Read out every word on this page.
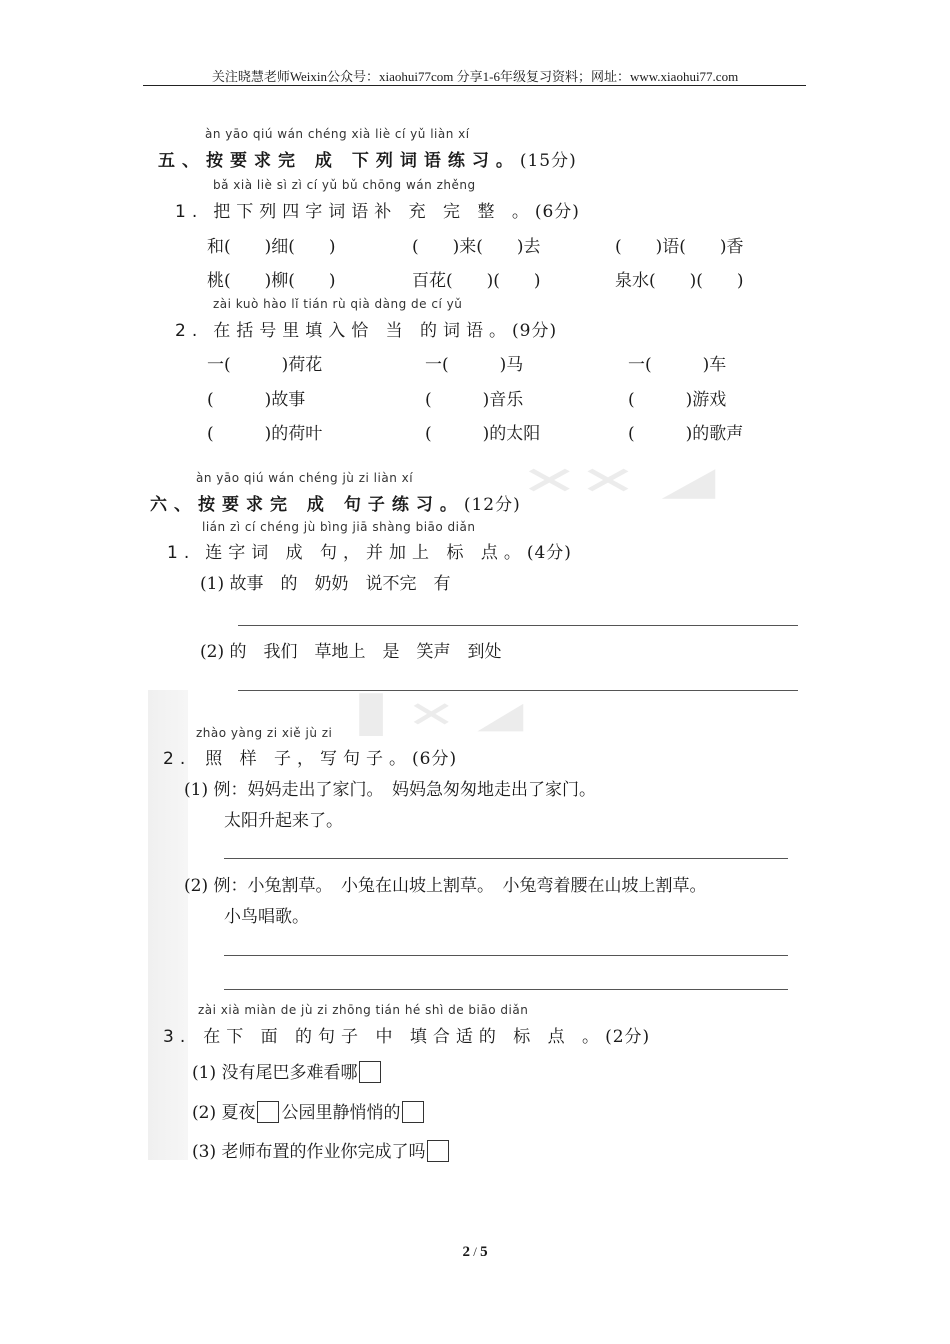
✕✕ ◢
▌✕ ◢
关注晓慧老师Weixin公众号：xiaohui77com 分享1-6年级复习资料；网址：www.xiaohui77.com
àn yāo qiú wán chéng xià liè cí yǔ liàn xí
五、按要求完 成 下列词语练习。(15分)
bǎ xià liè sì zì cí yǔ bǔ chōng wán zhěng
1. 把下列四字词语补 充 完 整 。(6分)
和(　　)细(　　)	(　　)来(　　)去	(　　)语(　　)香
桃(　　)柳(　　)	百花(　　)(　　)	泉水(　　)(　　)
zài kuò hào lǐ tián rù qià dàng de cí yǔ
2. 在括号里填入恰 当 的词语。(9分)
一(　　　)荷花	一(　　　)马	一(　　　)车
(　　　)故事	(　　　)音乐	(　　　)游戏
(　　　)的荷叶	(　　　)的太阳	(　　　)的歌声
àn yāo qiú wán chéng jù zi liàn xí
六、按要求完 成 句子练习。(12分)
lián zì cí chéng jù bìng jiā shàng biāo diǎn
1. 连字词 成 句，并加上 标 点。(4分)
(1) 故事　的　奶奶　说不完　有
(2) 的　我们　草地上　是　笑声　到处
zhào yàng zi xiě jù zi
2. 照 样 子，写句子。(6分)
(1) 例：妈妈走出了家门。　妈妈急匆匆地走出了家门。
太阳升起来了。
(2) 例：小兔割草。　小兔在山坡上割草。　小兔弯着腰在山坡上割草。
小鸟唱歌。
zài xià miàn de jù zi zhōng tián hé shì de biāo diǎn
3. 在下 面 的句子 中 填合适的 标 点 。(2分)
(1) 没有尾巴多难看哪
(2) 夏夜 公园里静悄悄的
(3) 老师布置的作业你完成了吗
2 / 5
